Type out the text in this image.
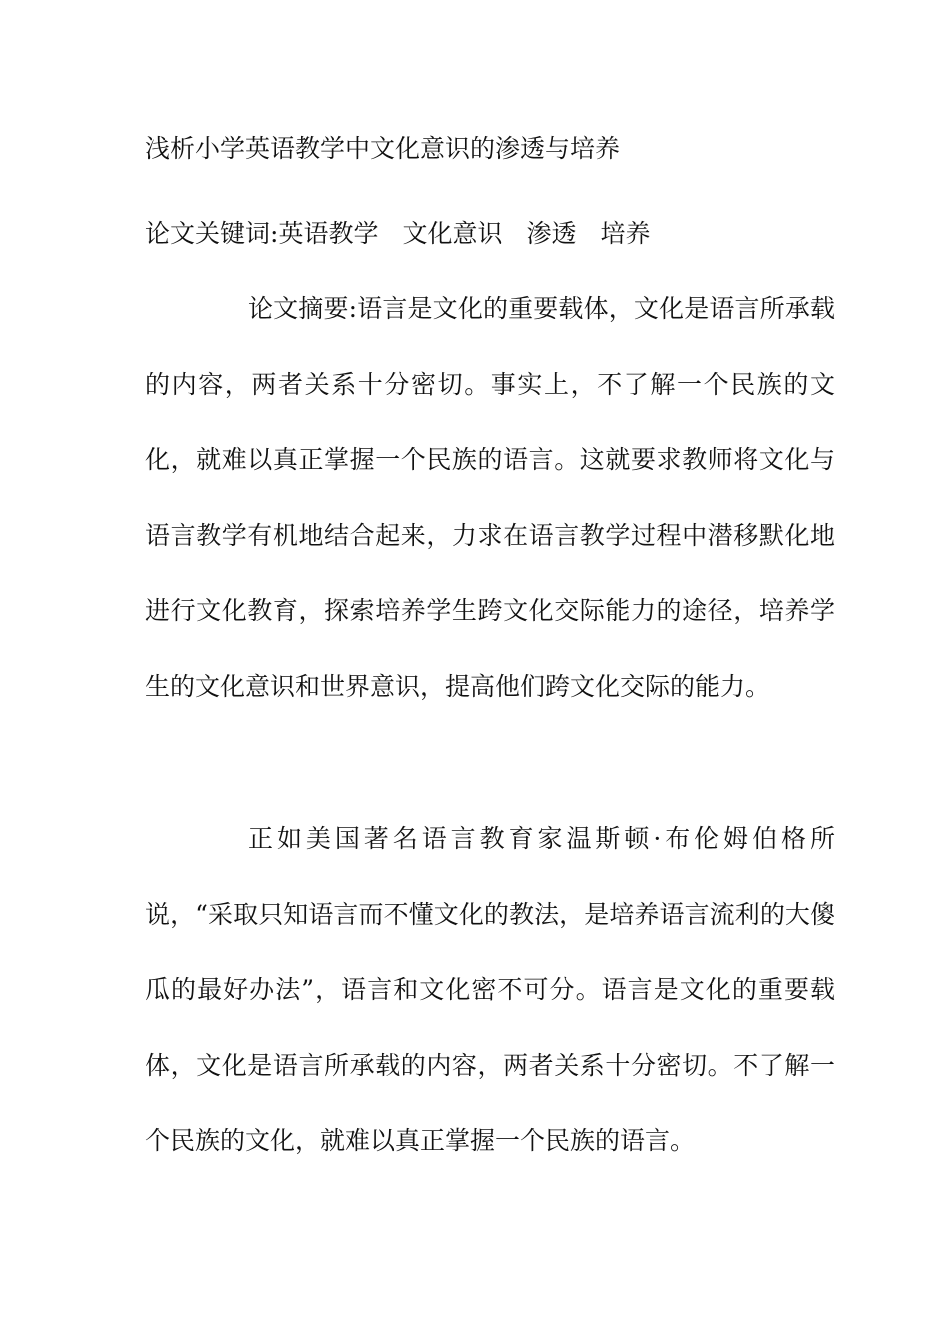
浅析小学英语教学中文化意识的渗透与培养

论文关键词:英语教学 文化意识 渗透 培养

论文摘要:语言是文化的重要载体，文化是语言所承载的内容，两者关系十分密切。事实上，不了解一个民族的文化，就难以真正掌握一个民族的语言。这就要求教师将文化与语言教学有机地结合起来，力求在语言教学过程中潜移默化地进行文化教育，探索培养学生跨文化交际能力的途径，培养学生的文化意识和世界意识，提高他们跨文化交际的能力。

正如美国著名语言教育家温斯顿·布伦姆伯格所说，“采取只知语言而不懂文化的教法，是培养语言流利的大傻瓜的最好办法”，语言和文化密不可分。语言是文化的重要载体，文化是语言所承载的内容，两者关系十分密切。不了解一个民族的文化，就难以真正掌握一个民族的语言。
